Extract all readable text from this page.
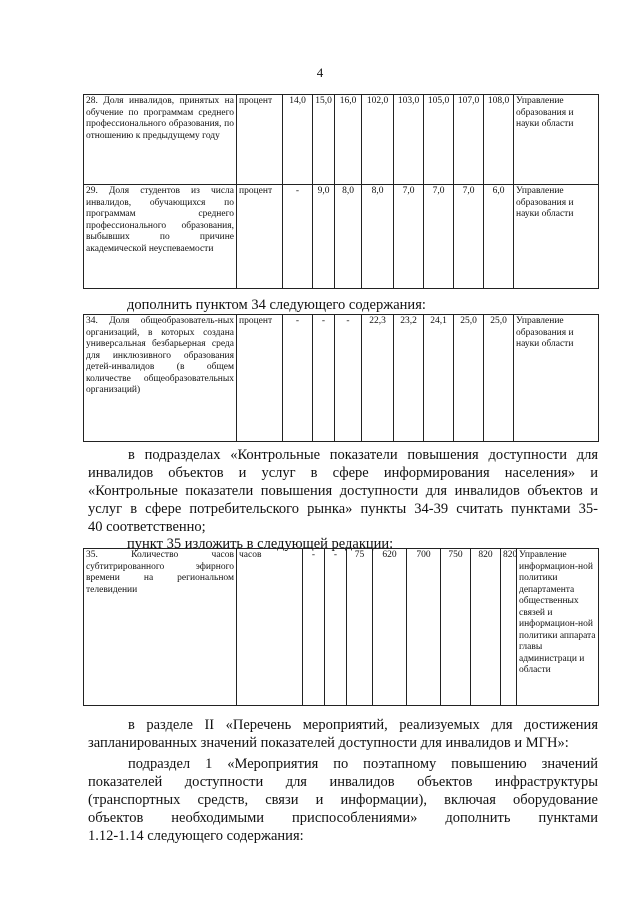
4
28. Доля инвалидов, принятых на обучение по программам среднего профессионального образования, по отношению к предыдущему году	процент	14,0	15,0	16,0	102,0	103,0	105,0	107,0	108,0	Управление образования и науки области
29. Доля студентов из числа инвалидов, обучающихся по программам среднего профессионального образования, выбывших по причине академической неуспеваемости	процент	-	9,0	8,0	8,0	7,0	7,0	7,0	6,0	Управление образования и науки области
дополнить пунктом 34 следующего содержания:
34. Доля общеобразователь-ных организаций, в которых создана универсальная безбарьерная среда для инклюзивного образования детей-инвалидов (в общем количестве общеобразовательных организаций)	процент	-	-	-	22,3	23,2	24,1	25,0	25,0	Управление образования и науки области
в подразделах «Контрольные показатели повышения доступности для
инвалидов объектов и услуг в сфере информирования населения» и
«Контрольные показатели повышения доступности для инвалидов объектов и
услуг в сфере потребительского рынка» пункты 34-39 считать пунктами 35-
40 соответственно;
пункт 35 изложить в следующей редакции:
35. Количество часов субтитрированного эфирного времени на региональном телевидении	часов	-	-	75	620	700	750	820	820	Управление информацион-ной политики департамента общественных связей и информацион-ной политики аппарата главы администраци и области
в разделе II «Перечень мероприятий, реализуемых для достижения
запланированных значений показателей доступности для инвалидов и МГН»:
подраздел 1 «Мероприятия по поэтапному повышению значений
показателей доступности для инвалидов объектов инфраструктуры
(транспортных средств, связи и информации), включая оборудование
объектов необходимыми приспособлениями» дополнить пунктами
1.12-1.14 следующего содержания:
